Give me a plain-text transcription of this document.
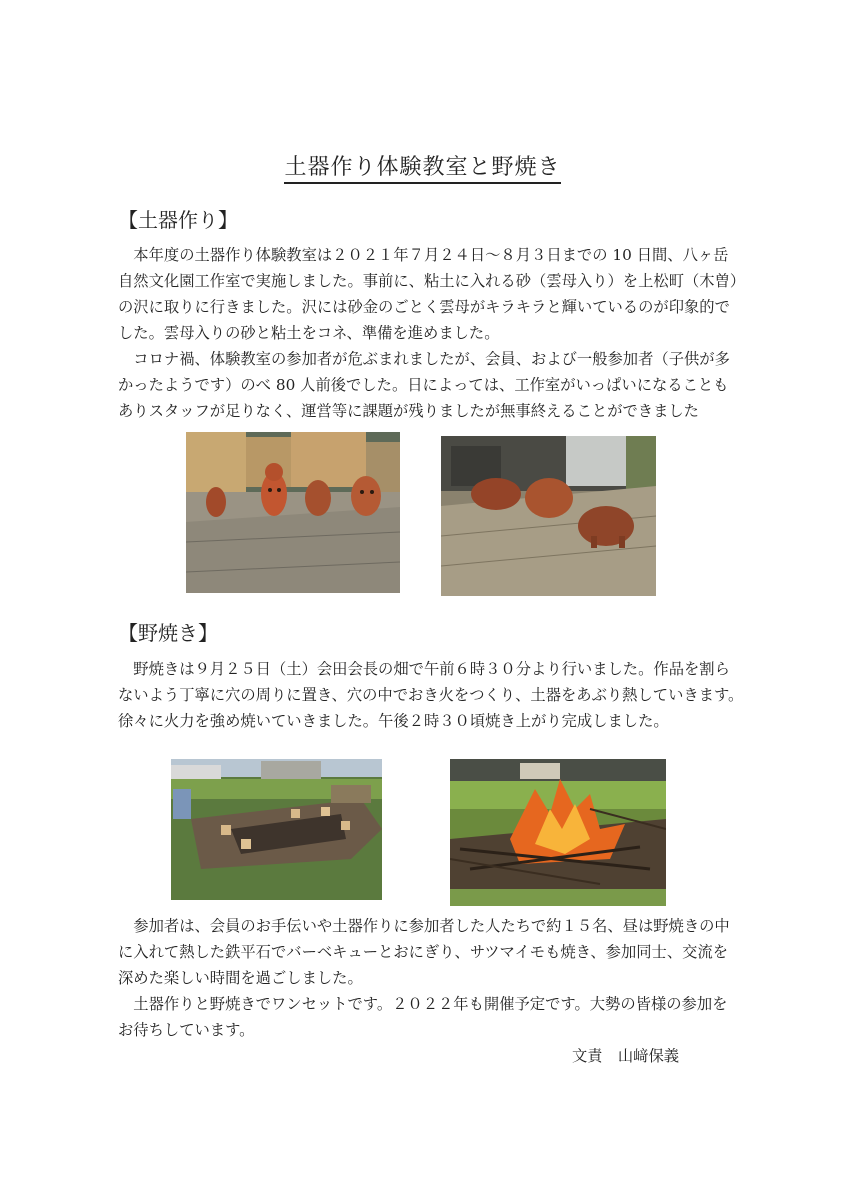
土器作り体験教室と野焼き
【土器作り】
本年度の土器作り体験教室は２０２１年７月２４日～８月３日までの 10 日間、八ヶ岳
自然文化園工作室で実施しました。事前に、粘土に入れる砂（雲母入り）を上松町（木曽）
の沢に取りに行きました。沢には砂金のごとく雲母がキラキラと輝いているのが印象的で
した。雲母入りの砂と粘土をコネ、準備を進めました。
コロナ禍、体験教室の参加者が危ぶまれましたが、会員、および一般参加者（子供が多
かったようです）のべ 80 人前後でした。日によっては、工作室がいっぱいになることも
ありスタッフが足りなく、運営等に課題が残りましたが無事終えることができました
【野焼き】
野焼きは９月２５日（土）会田会長の畑で午前６時３０分より行いました。作品を割ら
ないよう丁寧に穴の周りに置き、穴の中でおき火をつくり、土器をあぶり熱していきます。
徐々に火力を強め焼いていきました。午後２時３０頃焼き上がり完成しました。
参加者は、会員のお手伝いや土器作りに参加者した人たちで約１５名、昼は野焼きの中
に入れて熱した鉄平石でバーベキューとおにぎり、サツマイモも焼き、参加同士、交流を
深めた楽しい時間を過ごしました。
土器作りと野焼きでワンセットです。２０２２年も開催予定です。大勢の皆様の参加を
お待ちしています。
文責　山﨑保義
